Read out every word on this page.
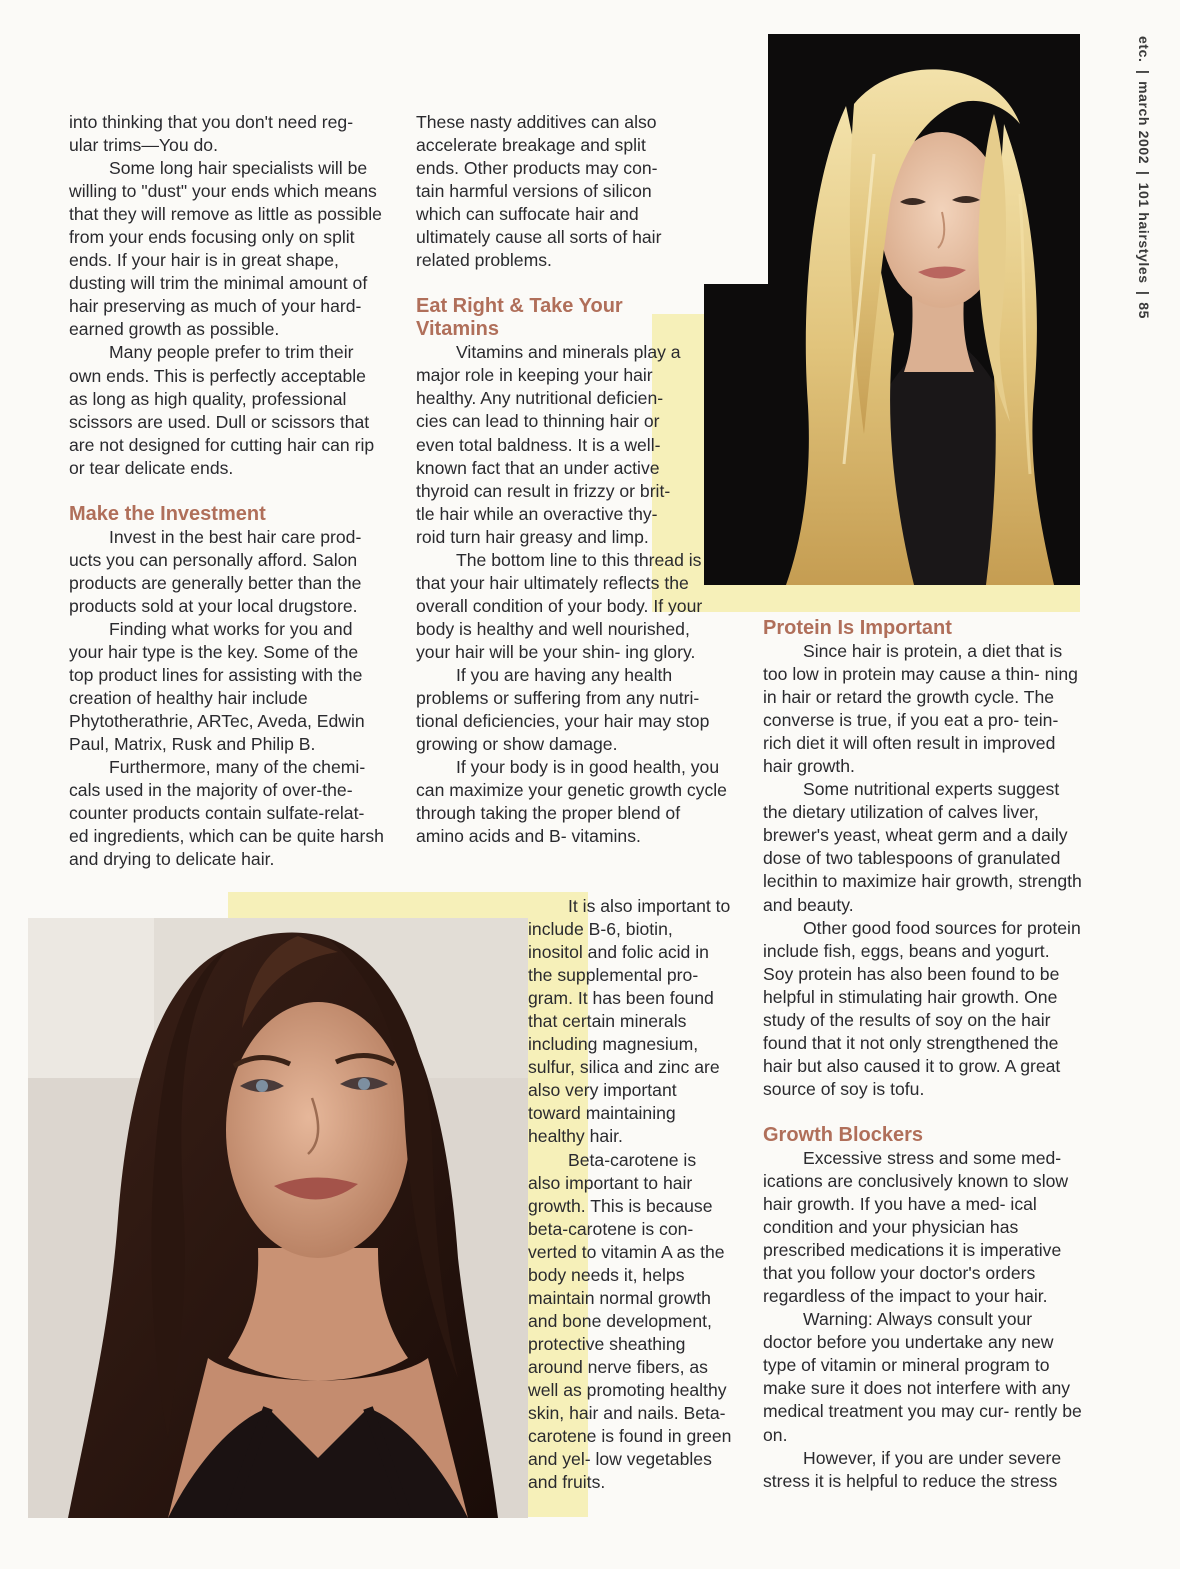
etc.|march 2002|101 hairstyles|85

into thinking that you don't need reg- ular trims—You do.

Some long hair specialists will be willing to "dust" your ends which means that they will remove as little as possible from your ends focusing only on split ends. If your hair is in great shape, dusting will trim the minimal amount of hair preserving as much of your hard-earned growth as possible.

Many people prefer to trim their own ends. This is perfectly acceptable as long as high quality, professional scissors are used. Dull or scissors that are not designed for cutting hair can rip or tear delicate ends.

Make the Investment

Invest in the best hair care prod- ucts you can personally afford. Salon products are generally better than the products sold at your local drugstore.

Finding what works for you and your hair type is the key. Some of the top product lines for assisting with the creation of healthy hair include Phytotherathrie, ARTec, Aveda, Edwin Paul, Matrix, Rusk and Philip B.

Furthermore, many of the chemi- cals used in the majority of over-the- counter products contain sulfate-relat- ed ingredients, which can be quite harsh and drying to delicate hair.

These nasty additives can also accelerate breakage and split ends. Other products may con- tain harmful versions of silicon which can suffocate hair and ultimately cause all sorts of hair related problems.

Eat Right & Take Your Vitamins

Vitamins and minerals play a major role in keeping your hair healthy. Any nutritional deficien- cies can lead to thinning hair or even total baldness. It is a well- known fact that an under active thyroid can result in frizzy or brit- tle hair while an overactive thy- roid turn hair greasy and limp.

The bottom line to this thread is that your hair ultimately reflects the overall condition of your body. If your body is healthy and well nourished, your hair will be your shin- ing glory.

If you are having any health problems or suffering from any nutri- tional deficiencies, your hair may stop growing or show damage.

If your body is in good health, you can maximize your genetic growth cycle through taking the proper blend of amino acids and B- vitamins.

It is also important to include B-6, biotin, inositol and folic acid in the supplemental pro- gram. It has been found that certain minerals including magnesium, sulfur, silica and zinc are also very important toward maintaining healthy hair.

Beta-carotene is also important to hair growth. This is because beta-carotene is con- verted to vitamin A as the body needs it, helps maintain normal growth and bone development, protective sheathing around nerve fibers, as well as promoting healthy skin, hair and nails. Beta-carotene is found in green and yel- low vegetables and fruits.

Protein Is Important

Since hair is protein, a diet that is too low in protein may cause a thin- ning in hair or retard the growth cycle. The converse is true, if you eat a pro- tein-rich diet it will often result in improved hair growth.

Some nutritional experts suggest the dietary utilization of calves liver, brewer's yeast, wheat germ and a daily dose of two tablespoons of granulated lecithin to maximize hair growth, strength and beauty.

Other good food sources for protein include fish, eggs, beans and yogurt. Soy protein has also been found to be helpful in stimulating hair growth. One study of the results of soy on the hair found that it not only strengthened the hair but also caused it to grow. A great source of soy is tofu.

Growth Blockers

Excessive stress and some med- ications are conclusively known to slow hair growth. If you have a med- ical condition and your physician has prescribed medications it is imperative that you follow your doctor's orders regardless of the impact to your hair.

Warning: Always consult your doctor before you undertake any new type of vitamin or mineral program to make sure it does not interfere with any medical treatment you may cur- rently be on.

However, if you are under severe stress it is helpful to reduce the stress
